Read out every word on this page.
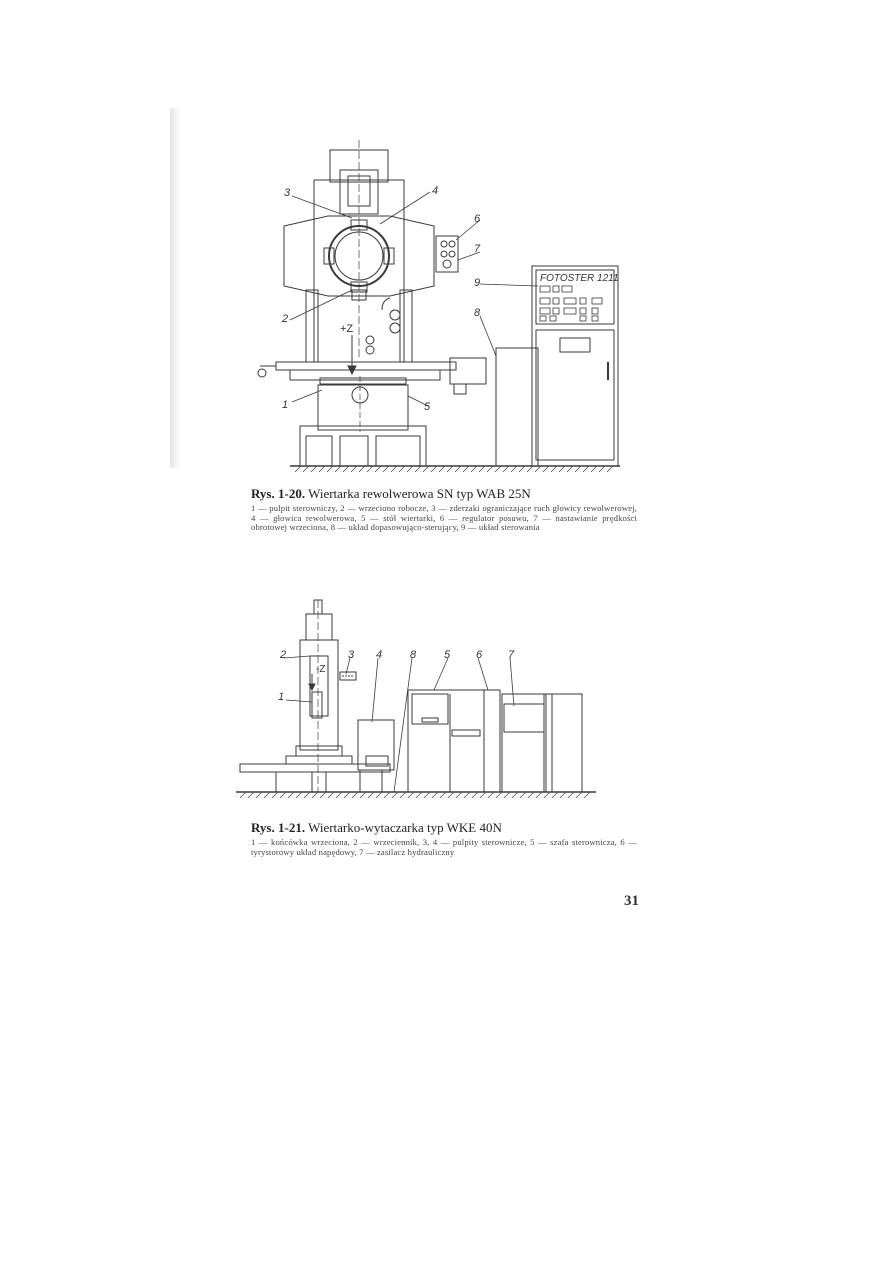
+Z
FOTOSTER 1211
1
2
3	4
5
6
7
8
9
Rys. 1-20. Wiertarka rewolwerowa SN typ WAB 25N
1 — pulpit sterowniczy, 2 — wrzeciono robocze, 3 — zderzaki ograniczające ruch głowicy rewolwerowej, 4 — głowica rewolwerowa, 5 — stół wiertarki, 6 — regulator posuwu, 7 — nastawianie prędkości obrotowej wrzeciona, 8 — układ dopasowująco-sterujący, 9 — układ sterowania
-Z
1
2	3 4	8	5 6 7
Rys. 1-21. Wiertarko-wytaczarka typ WKE 40N
1 — końcówka wrzeciona, 2 — wrzeciennik, 3, 4 — pulpity sterownicze, 5 — szafa sterownicza, 6 — tyrystorowy układ napędowy, 7 — zasilacz hydrauliczny
31
